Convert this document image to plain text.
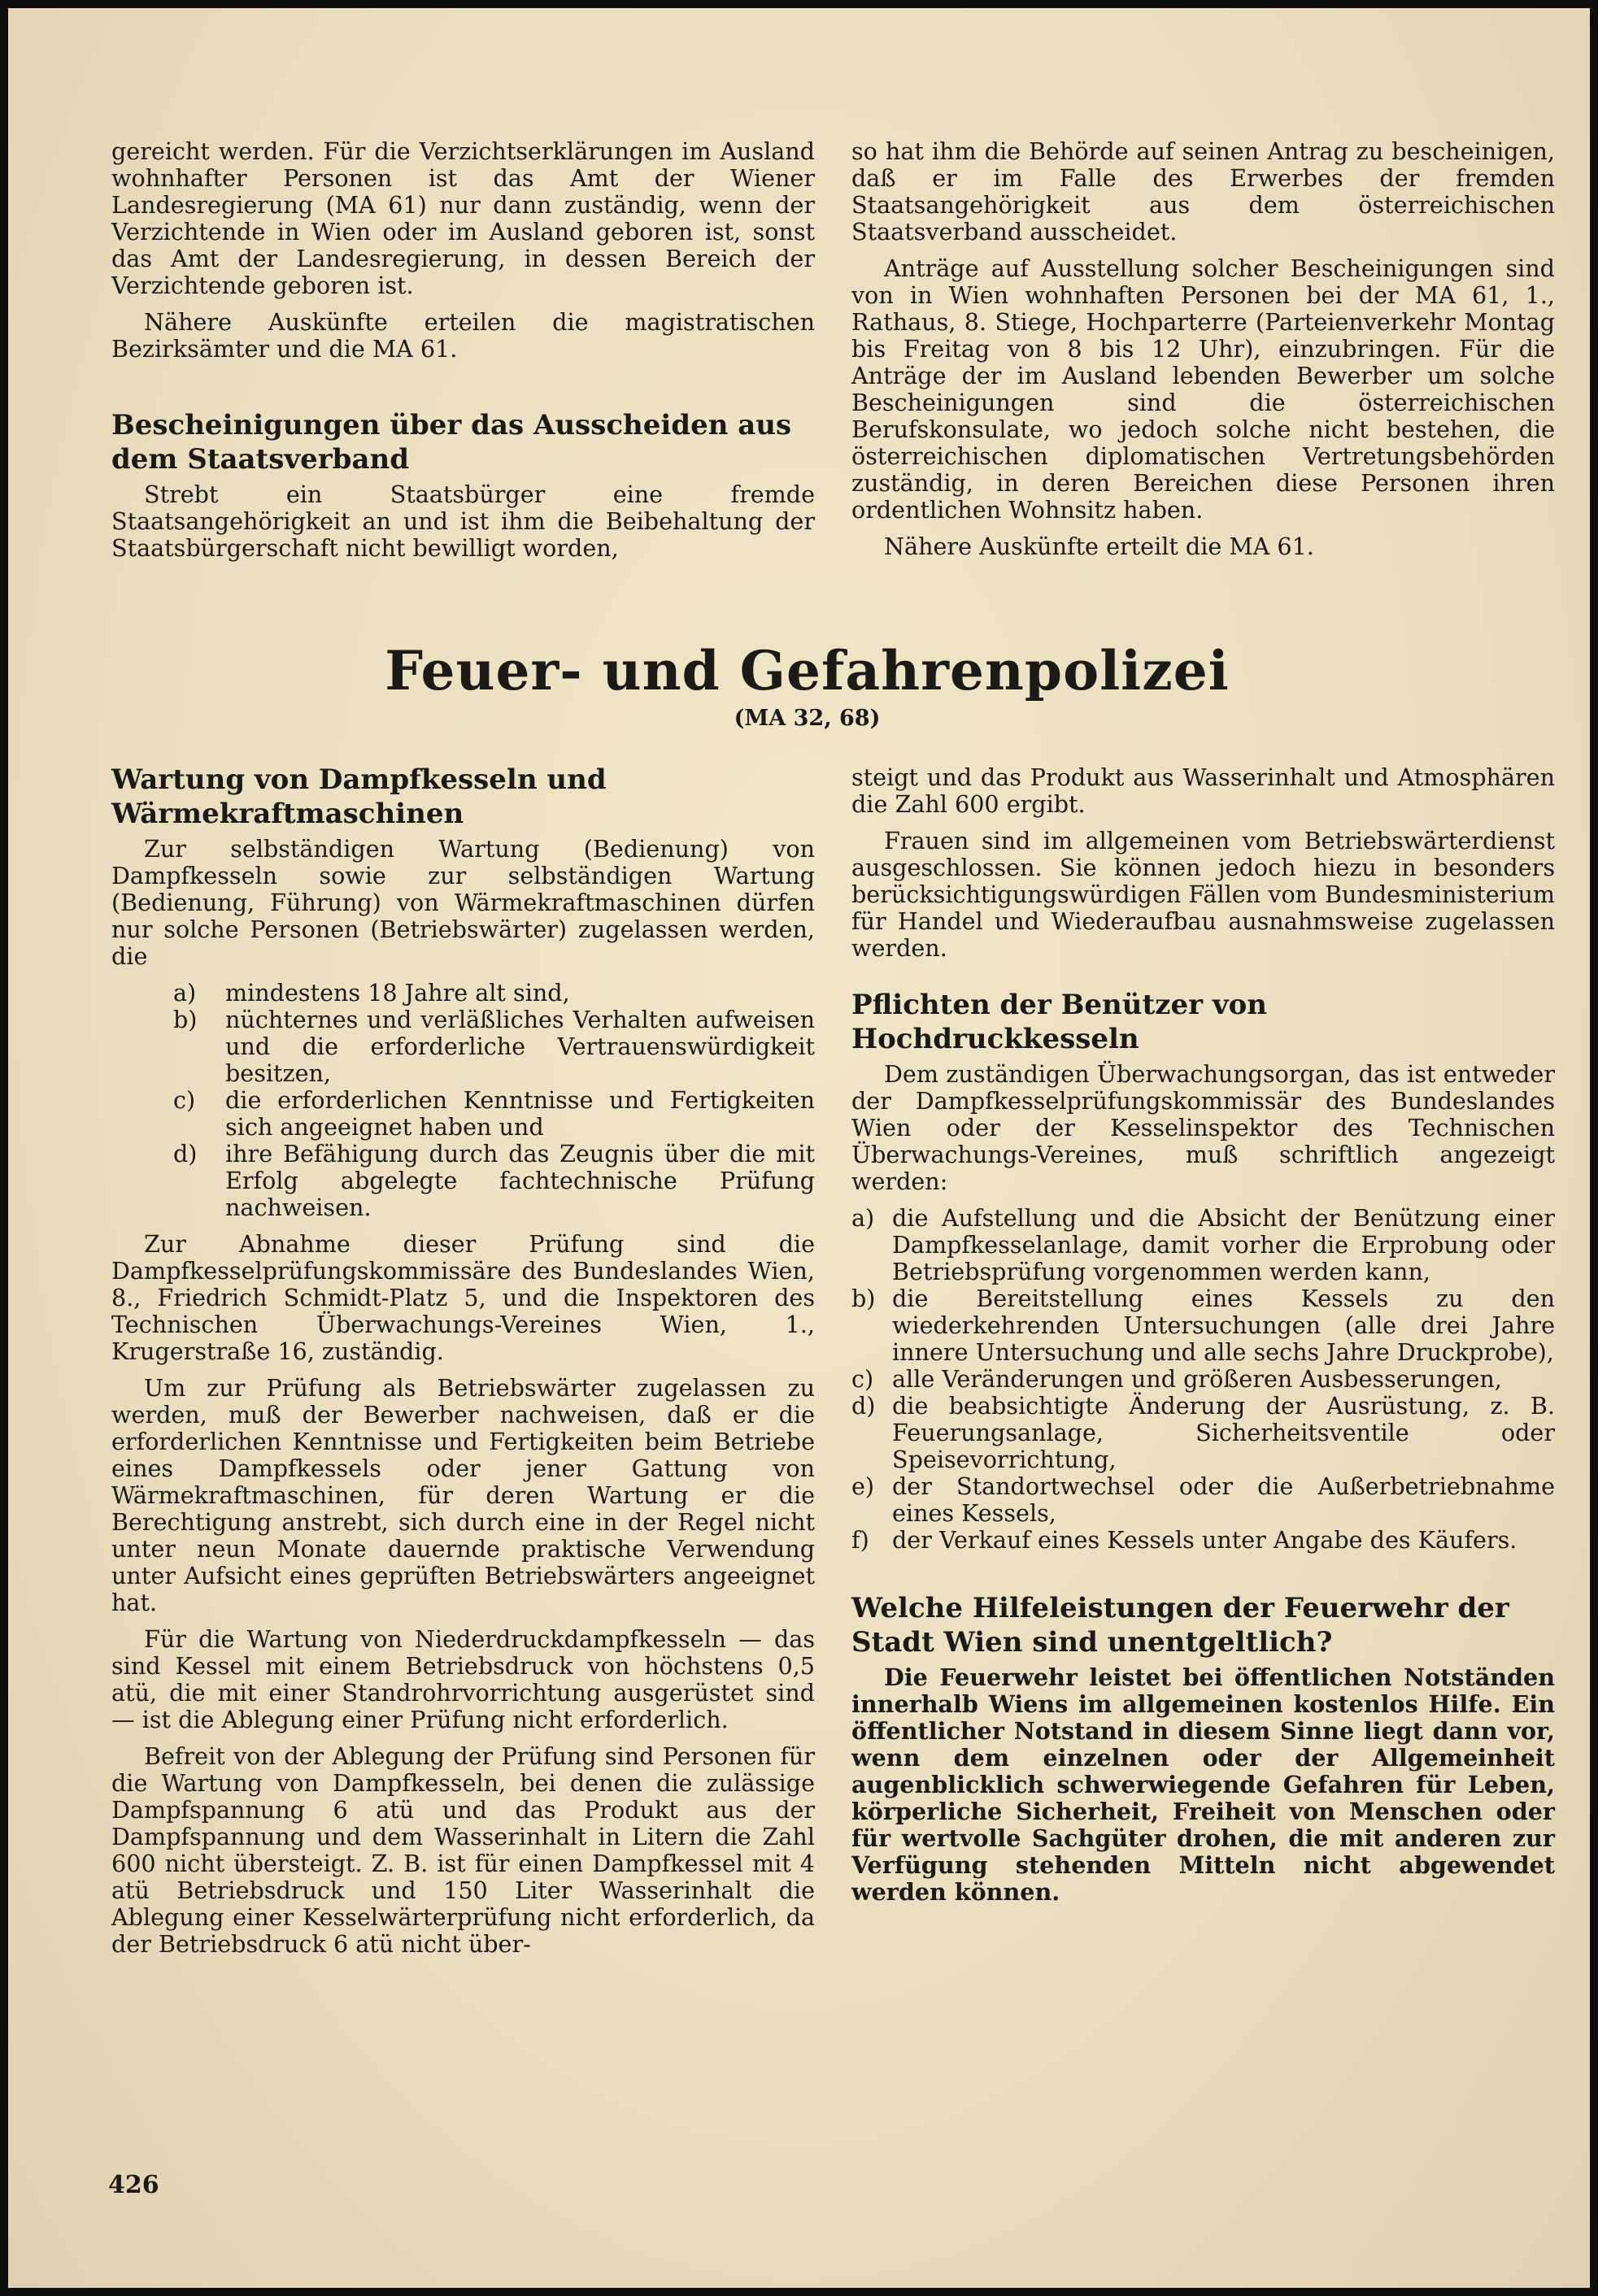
gereicht werden. Für die Verzichtserklärungen im Ausland wohnhafter Personen ist das Amt der Wiener Landesregierung (MA 61) nur dann zuständig, wenn der Verzichtende in Wien oder im Ausland geboren ist, sonst das Amt der Landesregierung, in dessen Bereich der Verzichtende geboren ist.

Nähere Auskünfte erteilen die magistratischen Bezirksämter und die MA 61.

Bescheinigungen über das Ausscheiden aus dem Staatsverband

Strebt ein Staatsbürger eine fremde Staatsangehörigkeit an und ist ihm die Beibehaltung der Staatsbürgerschaft nicht bewilligt worden,

so hat ihm die Behörde auf seinen Antrag zu bescheinigen, daß er im Falle des Erwerbes der fremden Staatsangehörigkeit aus dem österreichischen Staatsverband ausscheidet.

Anträge auf Ausstellung solcher Bescheinigungen sind von in Wien wohnhaften Personen bei der MA 61, 1., Rathaus, 8. Stiege, Hochparterre (Parteienverkehr Montag bis Freitag von 8 bis 12 Uhr), einzubringen. Für die Anträge der im Ausland lebenden Bewerber um solche Bescheinigungen sind die österreichischen Berufskonsulate, wo jedoch solche nicht bestehen, die österreichischen diplomatischen Vertretungsbehörden zuständig, in deren Bereichen diese Personen ihren ordentlichen Wohnsitz haben.

Nähere Auskünfte erteilt die MA 61.

Feuer- und Gefahrenpolizei
(MA 32, 68)
Wartung von Dampfkesseln und Wärmekraftmaschinen

Zur selbständigen Wartung (Bedienung) von Dampfkesseln sowie zur selbständigen Wartung (Bedienung, Führung) von Wärmekraftmaschinen dürfen nur solche Personen (Betriebswärter) zugelassen werden, die

a) mindestens 18 Jahre alt sind,
b) nüchternes und verläßliches Verhalten aufweisen und die erforderliche Vertrauenswürdigkeit besitzen,
c) die erforderlichen Kenntnisse und Fertigkeiten sich angeeignet haben und
d) ihre Befähigung durch das Zeugnis über die mit Erfolg abgelegte fachtechnische Prüfung nachweisen.

Zur Abnahme dieser Prüfung sind die Dampfkesselprüfungskommissäre des Bundeslandes Wien, 8., Friedrich Schmidt-Platz 5, und die Inspektoren des Technischen Überwachungs-Vereines Wien, 1., Krugerstraße 16, zuständig.

Um zur Prüfung als Betriebswärter zugelassen zu werden, muß der Bewerber nachweisen, daß er die erforderlichen Kenntnisse und Fertigkeiten beim Betriebe eines Dampfkessels oder jener Gattung von Wärmekraftmaschinen, für deren Wartung er die Berechtigung anstrebt, sich durch eine in der Regel nicht unter neun Monate dauernde praktische Verwendung unter Aufsicht eines geprüften Betriebswärters angeeignet hat.

Für die Wartung von Niederdruckdampfkesseln — das sind Kessel mit einem Betriebsdruck von höchstens 0,5 atü, die mit einer Standrohrvorrichtung ausgerüstet sind — ist die Ablegung einer Prüfung nicht erforderlich.

Befreit von der Ablegung der Prüfung sind Personen für die Wartung von Dampfkesseln, bei denen die zulässige Dampfspannung 6 atü und das Produkt aus der Dampfspannung und dem Wasserinhalt in Litern die Zahl 600 nicht übersteigt. Z. B. ist für einen Dampfkessel mit 4 atü Betriebsdruck und 150 Liter Wasserinhalt die Ablegung einer Kesselwärterprüfung nicht erforderlich, da der Betriebsdruck 6 atü nicht über-

steigt und das Produkt aus Wasserinhalt und Atmosphären die Zahl 600 ergibt.

Frauen sind im allgemeinen vom Betriebswärterdienst ausgeschlossen. Sie können jedoch hiezu in besonders berücksichtigungswürdigen Fällen vom Bundesministerium für Handel und Wiederaufbau ausnahmsweise zugelassen werden.

Pflichten der Benützer von Hochdruckkesseln

Dem zuständigen Überwachungsorgan, das ist entweder der Dampfkesselprüfungskommissär des Bundeslandes Wien oder der Kesselinspektor des Technischen Überwachungs-Vereines, muß schriftlich angezeigt werden:

a) die Aufstellung und die Absicht der Benützung einer Dampfkesselanlage, damit vorher die Erprobung oder Betriebsprüfung vorgenommen werden kann,
b) die Bereitstellung eines Kessels zu den wiederkehrenden Untersuchungen (alle drei Jahre innere Untersuchung und alle sechs Jahre Druckprobe),
c) alle Veränderungen und größeren Ausbesserungen,
d) die beabsichtigte Änderung der Ausrüstung, z. B. Feuerungsanlage, Sicherheitsventile oder Speisevorrichtung,
e) der Standortwechsel oder die Außerbetriebnahme eines Kessels,
f) der Verkauf eines Kessels unter Angabe des Käufers.
Welche Hilfeleistungen der Feuerwehr der Stadt Wien sind unentgeltlich?

Die Feuerwehr leistet bei öffentlichen Notständen innerhalb Wiens im allgemeinen kostenlos Hilfe. Ein öffentlicher Notstand in diesem Sinne liegt dann vor, wenn dem einzelnen oder der Allgemeinheit augenblicklich schwerwiegende Gefahren für Leben, körperliche Sicherheit, Freiheit von Menschen oder für wertvolle Sachgüter drohen, die mit anderen zur Verfügung stehenden Mitteln nicht abgewendet werden können.

426
